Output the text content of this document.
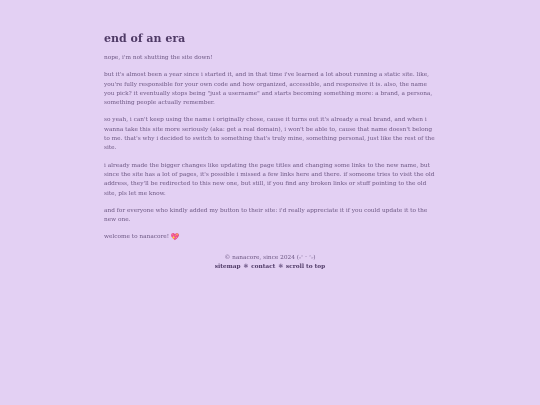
end of an era

nope, i'm not shutting the site down!

but it's almost been a year since i started it, and in that time i've learned a lot about running a static site. like, you're fully responsible for your own code and how organized, accessible, and responsive it is. also, the name you pick? it eventually stops being "just a username" and starts becoming something more: a brand, a persona, something people actually remember.

so yeah, i can't keep using the name i originally chose, cause it turns out it's already a real brand, and when i wanna take this site more seriously (aka: get a real domain), i won't be able to, cause that name doesn't belong to me. that's why i decided to switch to something that's truly mine, something personal, just like the rest of the site.

i already made the bigger changes like updating the page titles and changing some links to the new name, but since the site has a lot of pages, it's possible i missed a few links here and there. if someone tries to visit the old address, they'll be redirected to this new one, but still, if you find any broken links or stuff pointing to the old site, pls let me know.

and for everyone who kindly added my button to their site: i'd really appreciate it if you could update it to the new one.

welcome to nanacore! 💖

© nanacore, since 2024 (˶ᵔ ᵕ ᵔ˶)
sitemap ✱ contact ✱ scroll to top
